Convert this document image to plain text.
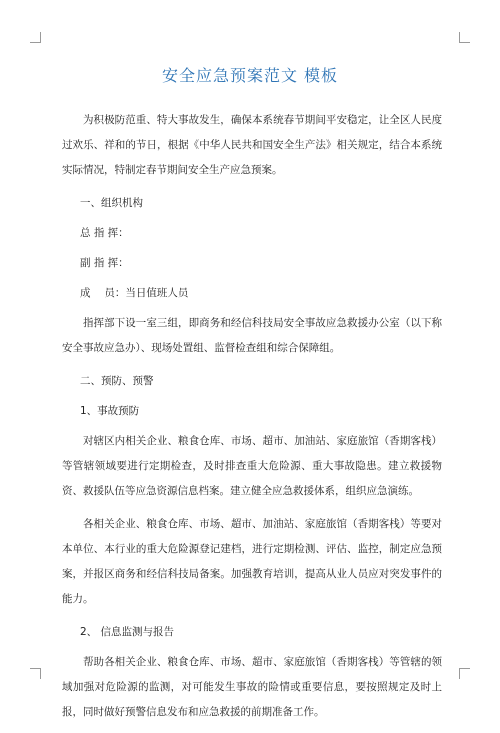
安全应急预案范文 模板

为积极防范重、特大事故发生，确保本系统春节期间平安稳定，让全区人民度过欢乐、祥和的节日，根据《中华人民共和国安全生产法》相关规定，结合本系统实际情况，特制定春节期间安全生产应急预案。

一、组织机构
总 指 挥：
副 指 挥：
成　 员：当日值班人员

指挥部下设一室三组，即商务和经信科技局安全事故应急救援办公室（以下称安全事故应急办）、现场处置组、监督检查组和综合保障组。

二、预防、预警
1、事故预防

对辖区内相关企业、粮食仓库、市场、超市、加油站、家庭旅馆（香期客栈）等管辖领域要进行定期检查，及时排查重大危险源、重大事故隐患。建立救援物资、救援队伍等应急资源信息档案。建立健全应急救援体系，组织应急演练。

各相关企业、粮食仓库、市场、超市、加油站、家庭旅馆（香期客栈）等要对本单位、本行业的重大危险源登记建档，进行定期检测、评估、监控，制定应急预案，并报区商务和经信科技局备案。加强教育培训，提高从业人员应对突发事件的能力。

2、 信息监测与报告

帮助各相关企业、粮食仓库、市场、超市、家庭旅馆（香期客栈）等管辖的领域加强对危险源的监测，对可能发生事故的险情或重要信息，要按照规定及时上报，同时做好预警信息发布和应急救援的前期准备工作。
